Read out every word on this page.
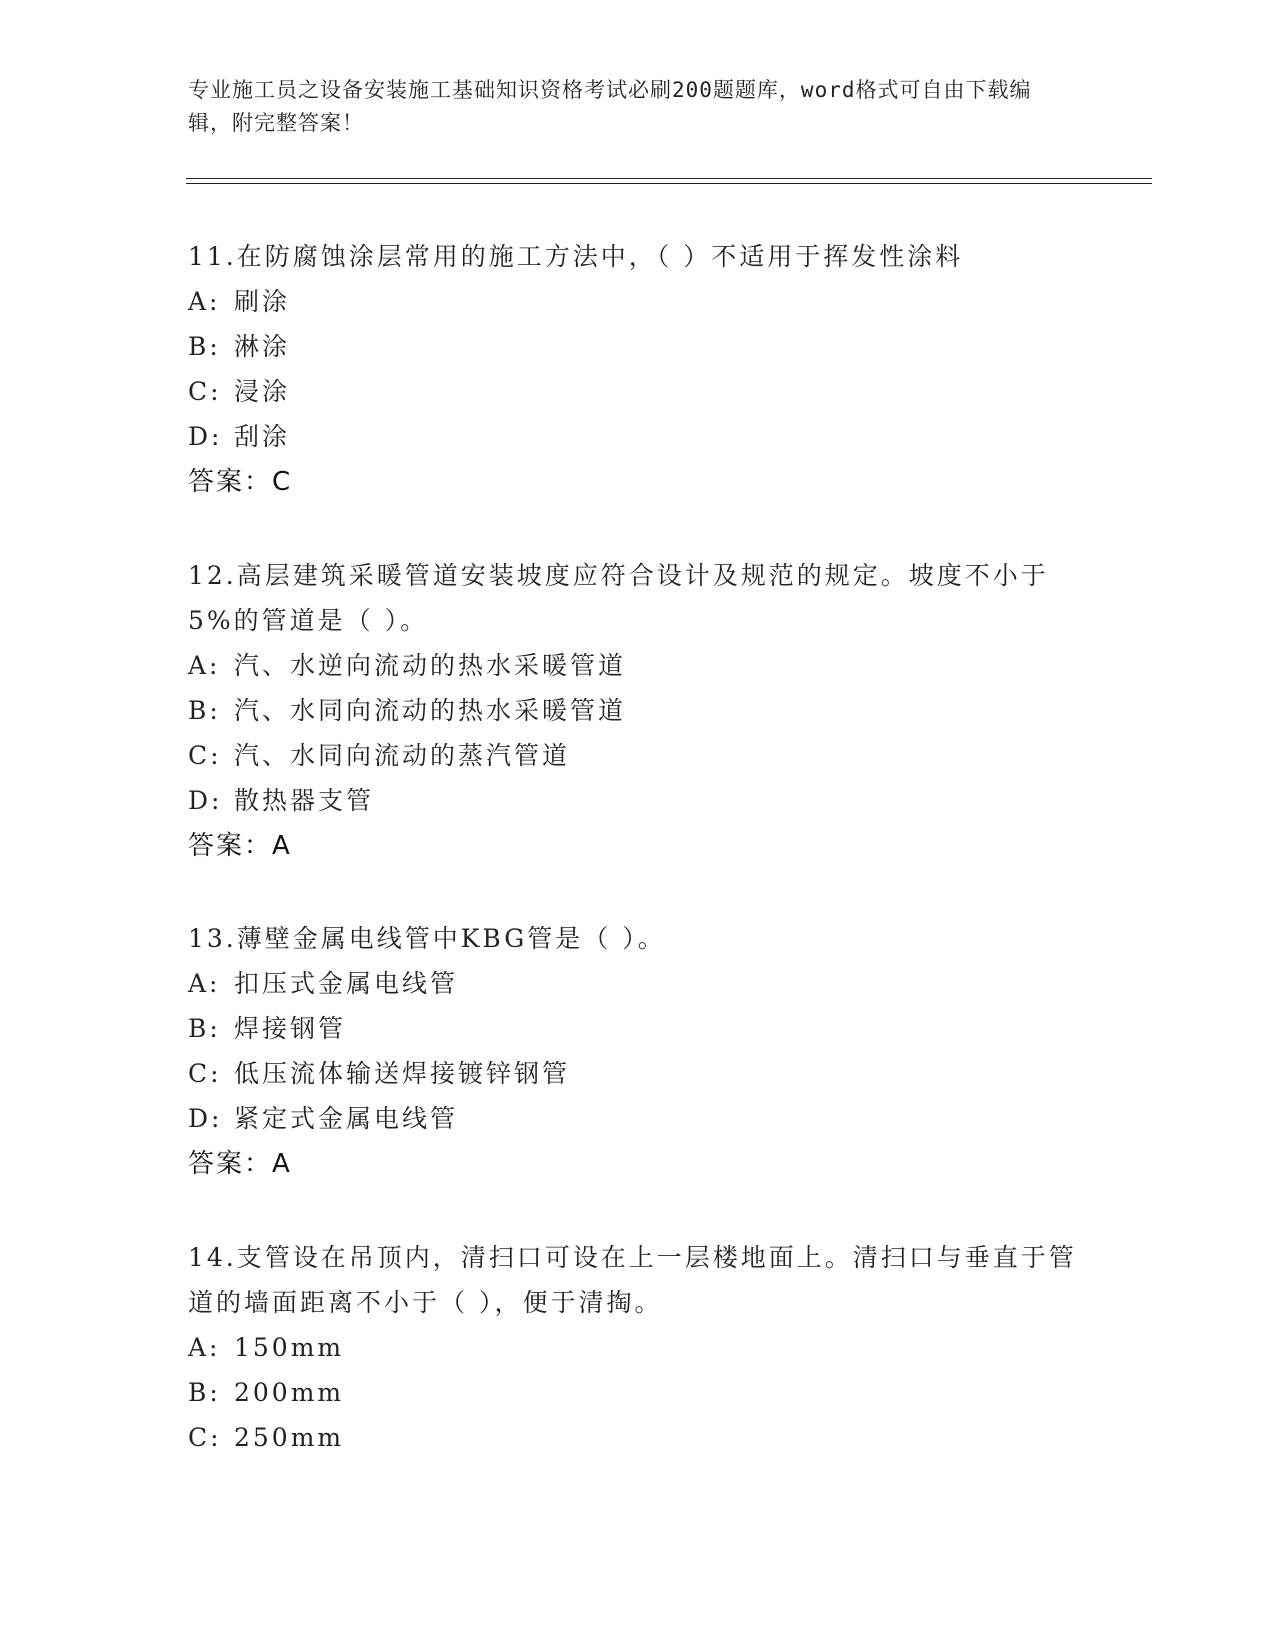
专业施工员之设备安装施工基础知识资格考试必刷200题题库，word格式可自由下载编辑，附完整答案！

11.在防腐蚀涂层常用的施工方法中，（ ）不适用于挥发性涂料

A: 刷涂

B: 淋涂

C: 浸涂

D: 刮涂

答案：C

12.高层建筑采暖管道安装坡度应符合设计及规范的规定。坡度不小于5%的管道是（ ）。

A: 汽、水逆向流动的热水采暖管道

B: 汽、水同向流动的热水采暖管道

C: 汽、水同向流动的蒸汽管道

D: 散热器支管

答案：A

13.薄壁金属电线管中KBG管是（ ）。

A: 扣压式金属电线管

B: 焊接钢管

C: 低压流体输送焊接镀锌钢管

D: 紧定式金属电线管

答案：A

14.支管设在吊顶内，清扫口可设在上一层楼地面上。清扫口与垂直于管道的墙面距离不小于（ ），便于清掏。

A: 150mm

B: 200mm

C: 250mm
